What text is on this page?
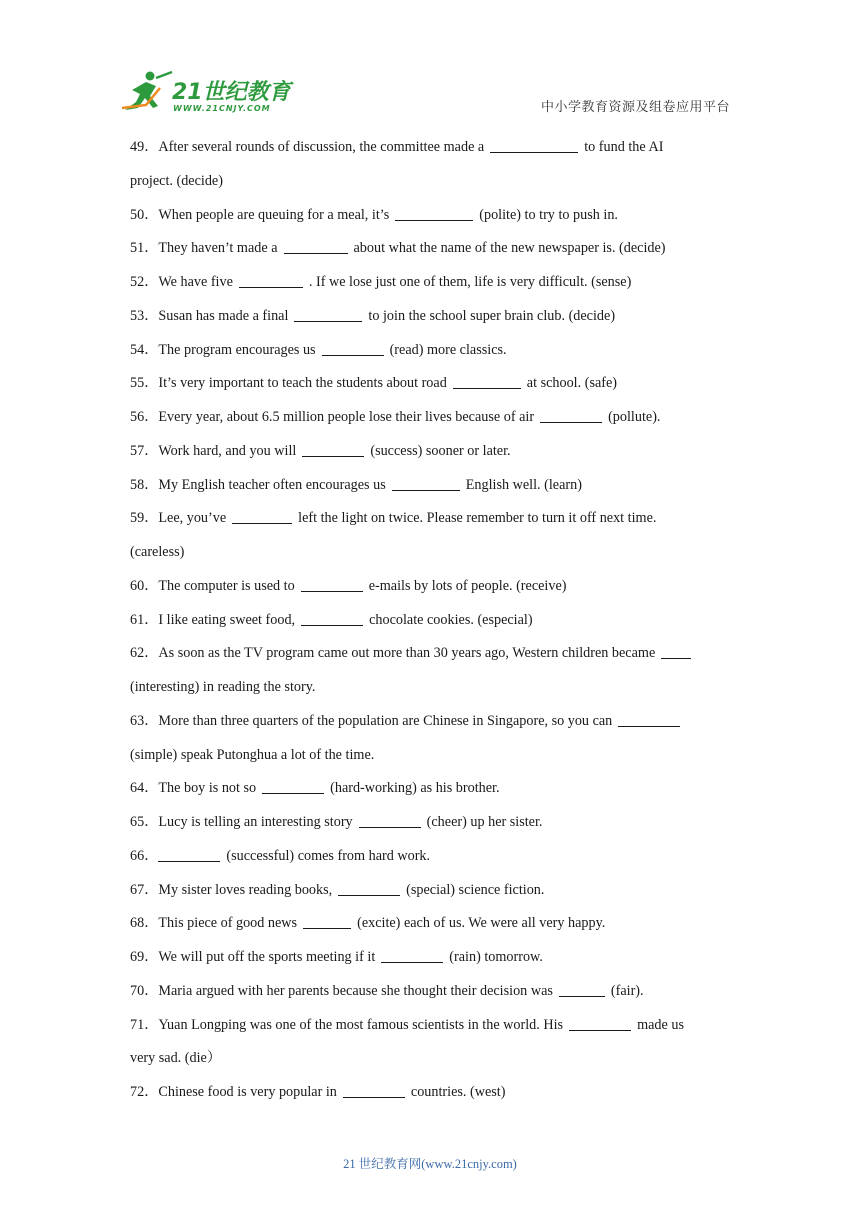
21世纪教育
WWW.21CNJY.COM	中小学教育资源及组卷应用平台
49．After several rounds of discussion, the committee made a	to fund the AI
project. (decide)
50．When people are queuing for a meal, it’s	(polite) to try to push in.
51．They haven’t made a	about what the name of the new newspaper is. (decide)
52．We have five	. If we lose just one of them, life is very difficult. (sense)
53．Susan has made a final	to join the school super brain club. (decide)
54．The program encourages us	(read) more classics.
55．It’s very important to teach the students about road	at school. (safe)
56．Every year, about 6.5 million people lose their lives because of air	(pollute).
57．Work hard, and you will	(success) sooner or later.
58．My English teacher often encourages us	English well. (learn)
59．Lee, you’ve	left the light on twice. Please remember to turn it off next time.
(careless)
60．The computer is used to	e-mails by lots of people. (receive)
61．I like eating sweet food,	chocolate cookies. (especial)
62．As soon as the TV program came out more than 30 years ago, Western children became
(interesting) in reading the story.
63．More than three quarters of the population are Chinese in Singapore, so you can
(simple) speak Putonghua a lot of the time.
64．The boy is not so	(hard-working) as his brother.
65．Lucy is telling an interesting story	(cheer) up her sister.
66．	(successful) comes from hard work.
67．My sister loves reading books,	(special) science fiction.
68．This piece of good news	(excite) each of us. We were all very happy.
69．We will put off the sports meeting if it	(rain) tomorrow.
70．Maria argued with her parents because she thought their decision was	(fair).
71．Yuan Longping was one of the most famous scientists in the world. His	made us
very sad. (die）
72．Chinese food is very popular in	countries. (west)
21 世纪教育网(www.21cnjy.com)
